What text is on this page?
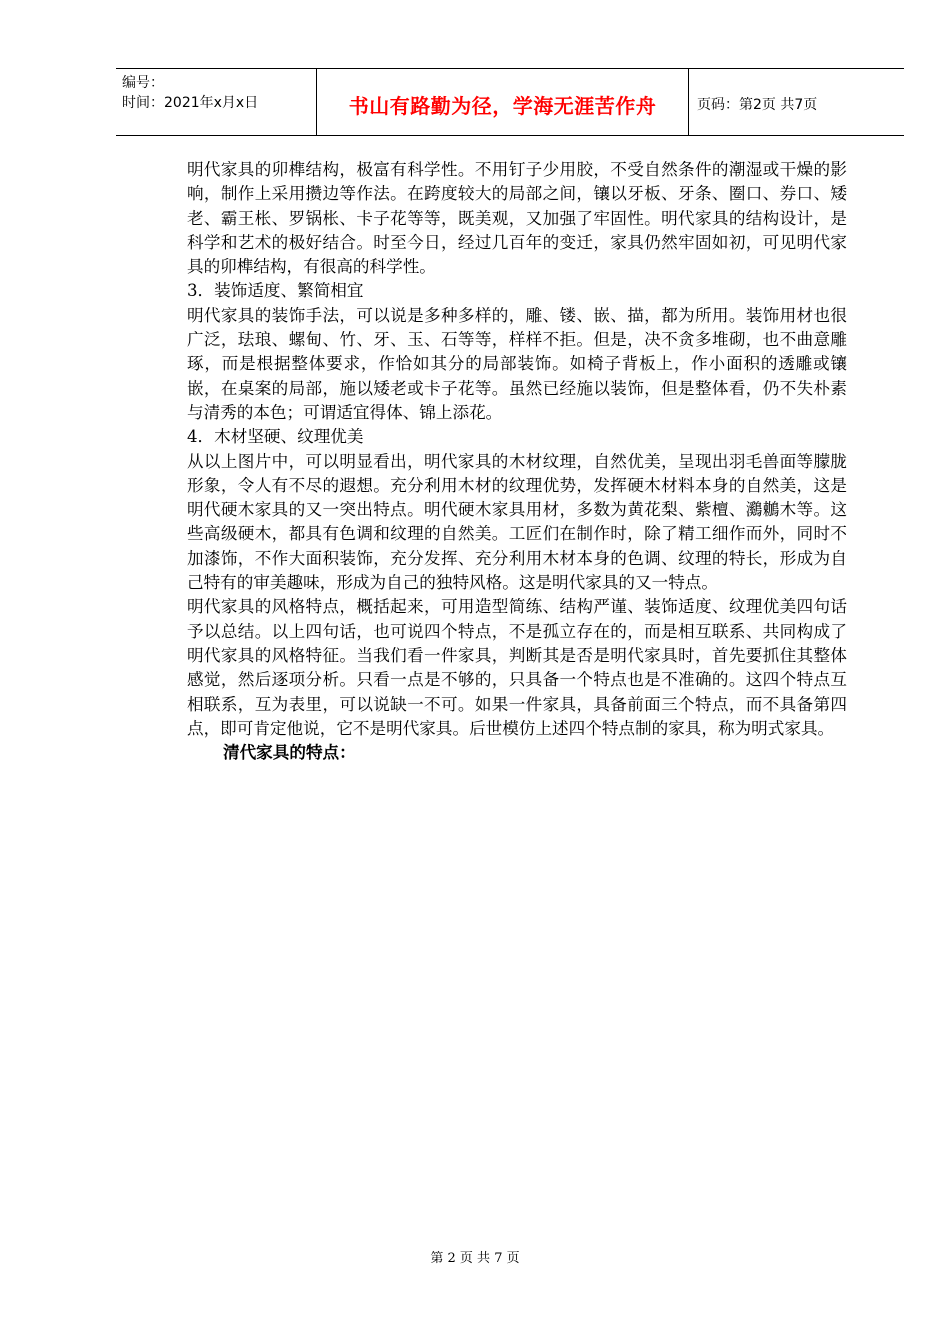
编号：
时间：2021年x月x日	书山有路勤为径，学海无涯苦作舟	页码：第2页 共7页

明代家具的卯榫结构，极富有科学性。不用钉子少用胶，不受自然条件的潮湿或干燥的影响，制作上采用攒边等作法。在跨度较大的局部之间，镶以牙板、牙条、圈口、券口、矮老、霸王枨、罗锅枨、卡子花等等，既美观，又加强了牢固性。明代家具的结构设计，是科学和艺术的极好结合。时至今日，经过几百年的变迁，家具仍然牢固如初，可见明代家具的卯榫结构，有很高的科学性。

3．装饰适度、繁简相宜

明代家具的装饰手法，可以说是多种多样的，雕、镂、嵌、描，都为所用。装饰用材也很广泛，珐琅、螺甸、竹、牙、玉、石等等，样样不拒。但是，决不贪多堆砌，也不曲意雕琢，而是根据整体要求，作恰如其分的局部装饰。如椅子背板上，作小面积的透雕或镶嵌，在桌案的局部，施以矮老或卡子花等。虽然已经施以装饰，但是整体看，仍不失朴素与清秀的本色；可谓适宜得体、锦上添花。

4．木材坚硬、纹理优美

从以上图片中，可以明显看出，明代家具的木材纹理，自然优美，呈现出羽毛兽面等朦胧形象，令人有不尽的遐想。充分利用木材的纹理优势，发挥硬木材料本身的自然美，这是明代硬木家具的又一突出特点。明代硬木家具用材，多数为黄花梨、紫檀、鸂鶒木等。这些高级硬木，都具有色调和纹理的自然美。工匠们在制作时，除了精工细作而外，同时不加漆饰，不作大面积装饰，充分发挥、充分利用木材本身的色调、纹理的特长，形成为自己特有的审美趣味，形成为自己的独特风格。这是明代家具的又一特点。

明代家具的风格特点，概括起来，可用造型简练、结构严谨、装饰适度、纹理优美四句话予以总结。以上四句话，也可说四个特点，不是孤立存在的，而是相互联系、共同构成了明代家具的风格特征。当我们看一件家具，判断其是否是明代家具时，首先要抓住其整体感觉，然后逐项分析。只看一点是不够的，只具备一个特点也是不准确的。这四个特点互相联系，互为表里，可以说缺一不可。如果一件家具，具备前面三个特点，而不具备第四点，即可肯定他说，它不是明代家具。后世模仿上述四个特点制的家具，称为明式家具。

清代家具的特点：

第 2 页 共 7 页
